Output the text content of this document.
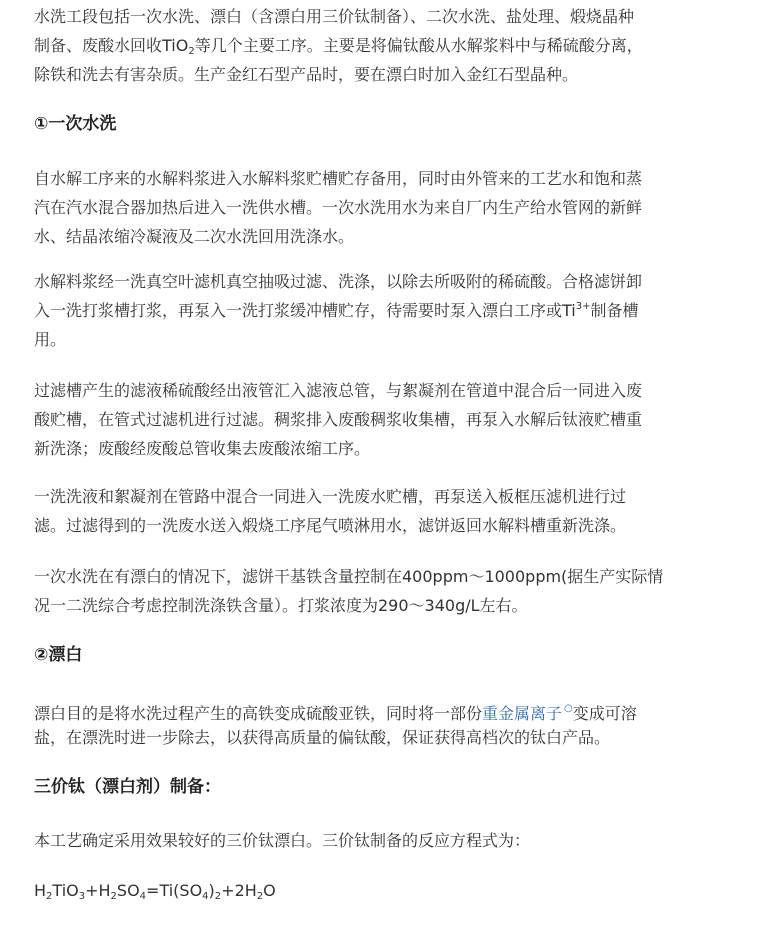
水洗工段包括一次水洗、漂白（含漂白用三价钛制备）、二次水洗、盐处理、煅烧晶种
制备、废酸水回收TiO$_2$等几个主要工序。主要是将偏钛酸从水解浆料中与稀硫酸分离，
除铁和洗去有害杂质。生产金红石型产品时，要在漂白时加入金红石型晶种。

①一次水洗

自水解工序来的水解料浆进入水解料浆贮槽贮存备用，同时由外管来的工艺水和饱和蒸
汽在汽水混合器加热后进入一洗供水槽。一次水洗用水为来自厂内生产给水管网的新鲜
水、结晶浓缩冷凝液及二次水洗回用洗涤水。

水解料浆经一洗真空叶滤机真空抽吸过滤、洗涤，以除去所吸附的稀硫酸。合格滤饼卸
入一洗打浆槽打浆，再泵入一洗打浆缓冲槽贮存，待需要时泵入漂白工序或$Ti^{3+}$制备槽
用。

过滤槽产生的滤液稀硫酸经出液管汇入滤液总管，与絮凝剂在管道中混合后一同进入废
酸贮槽，在管式过滤机进行过滤。稠浆排入废酸稠浆收集槽，再泵入水解后钛液贮槽重
新洗涤；废酸经废酸总管收集去废酸浓缩工序。

一洗洗液和絮凝剂在管路中混合一同进入一洗废水贮槽，再泵送入板框压滤机进行过
滤。过滤得到的一洗废水送入煅烧工序尾气喷淋用水，滤饼返回水解料槽重新洗涤。

一次水洗在有漂白的情况下，滤饼干基铁含量控制在400ppm～1000ppm(据生产实际情
况一二洗综合考虑控制洗涤铁含量）。打浆浓度为290～340g/L左右。

②漂白

漂白目的是将水洗过程产生的高铁变成硫酸亚铁，同时将一部份重金属离子 ○变成可溶
盐，在漂洗时进一步除去，以获得高质量的偏钛酸，保证获得高档次的钛白产品。

三价钛（漂白剂）制备：

本工艺确定采用效果较好的三价钛漂白。三价钛制备的反应方程式为：

$H_2TiO_3+H_2SO_4=Ti(SO_4)_2+2H_2O$
